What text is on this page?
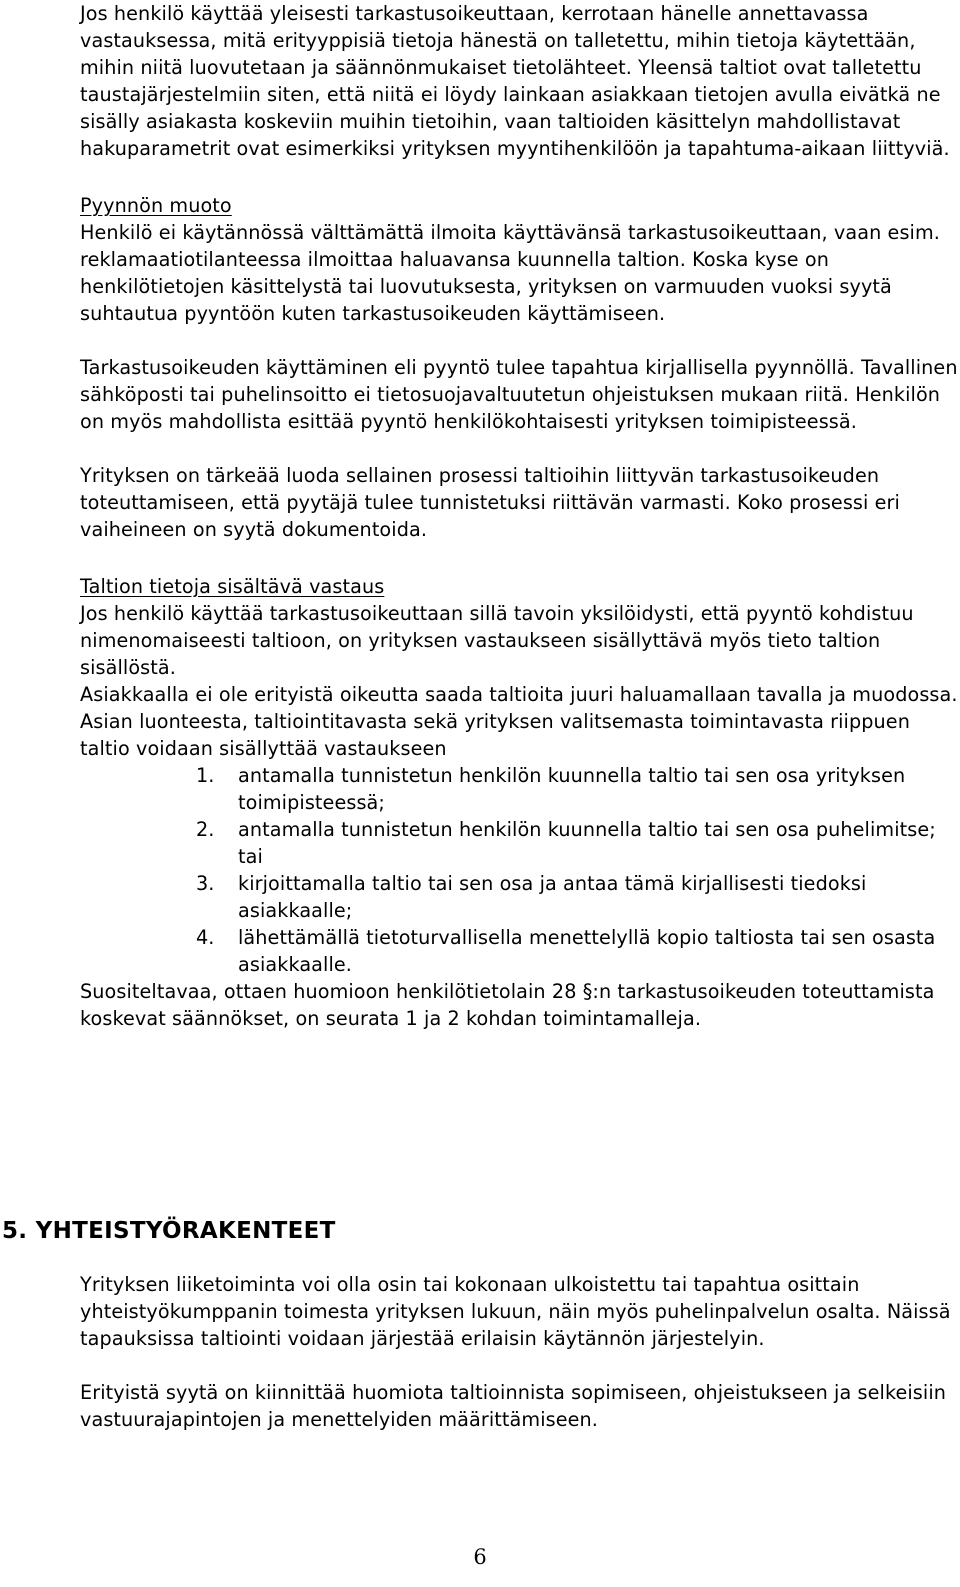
Jos henkilö käyttää yleisesti tarkastusoikeuttaan, kerrotaan hänelle annettavassa vastauksessa, mitä erityyppisiä tietoja hänestä on talletettu, mihin tietoja käytettään, mihin niitä luovutetaan ja säännönmukaiset tietolähteet. Yleensä taltiot ovat talletettu taustajärjestelmiin siten, että niitä ei löydy lainkaan asiakkaan tietojen avulla eivätkä ne sisälly asiakasta koskeviin muihin tietoihin, vaan taltioiden käsittelyn mahdollistavat hakuparametrit ovat esimerkiksi yrityksen myyntihenkilöön ja tapahtuma-aikaan liittyviä.

Pyynnön muoto

Henkilö ei käytännössä välttämättä ilmoita käyttävänsä tarkastusoikeuttaan, vaan esim. reklamaatiotilanteessa ilmoittaa haluavansa kuunnella taltion. Koska kyse on henkilötietojen käsittelystä tai luovutuksesta, yrityksen on varmuuden vuoksi syytä suhtautua pyyntöön kuten tarkastusoikeuden käyttämiseen.

Tarkastusoikeuden käyttäminen eli pyyntö tulee tapahtua kirjallisella pyynnöllä. Tavallinen sähköposti tai puhelinsoitto ei tietosuojavaltuutetun ohjeistuksen mukaan riitä. Henkilön on myös mahdollista esittää pyyntö henkilökohtaisesti yrityksen toimipisteessä.

Yrityksen on tärkeää luoda sellainen prosessi taltioihin liittyvän tarkastusoikeuden toteuttamiseen, että pyytäjä tulee tunnistetuksi riittävän varmasti. Koko prosessi eri vaiheineen on syytä dokumentoida.

Taltion tietoja sisältävä vastaus

Jos henkilö käyttää tarkastusoikeuttaan sillä tavoin yksilöidysti, että pyyntö kohdistuu nimenomaiseesti taltioon, on yrityksen vastaukseen sisällyttävä myös tieto taltion sisällöstä.

Asiakkaalla ei ole erityistä oikeutta saada taltioita juuri haluamallaan tavalla ja muodossa. Asian luonteesta, taltiointitavasta sekä yrityksen valitsemasta toimintavasta riippuen taltio voidaan sisällyttää vastaukseen

1. antamalla tunnistetun henkilön kuunnella taltio tai sen osa yrityksen toimipisteessä;
2. antamalla tunnistetun henkilön kuunnella taltio tai sen osa puhelimitse; tai
3. kirjoittamalla taltio tai sen osa ja antaa tämä kirjallisesti tiedoksi asiakkaalle;
4. lähettämällä tietoturvallisella menettelyllä kopio taltiosta tai sen osasta asiakkaalle.

Suositeltavaa, ottaen huomioon henkilötietolain 28 §:n tarkastusoikeuden toteuttamista koskevat säännökset, on seurata 1 ja 2 kohdan toimintamalleja.

5. YHTEISTYÖRAKENTEET

Yrityksen liiketoiminta voi olla osin tai kokonaan ulkoistettu tai tapahtua osittain yhteistyökumppanin toimesta yrityksen lukuun, näin myös puhelinpalvelun osalta. Näissä tapauksissa taltiointi voidaan järjestää erilaisin käytännön järjestelyin.

Erityistä syytä on kiinnittää huomiota taltioinnista sopimiseen, ohjeistukseen ja selkeisiin vastuurajapintojen ja menettelyiden määrittämiseen.

6
